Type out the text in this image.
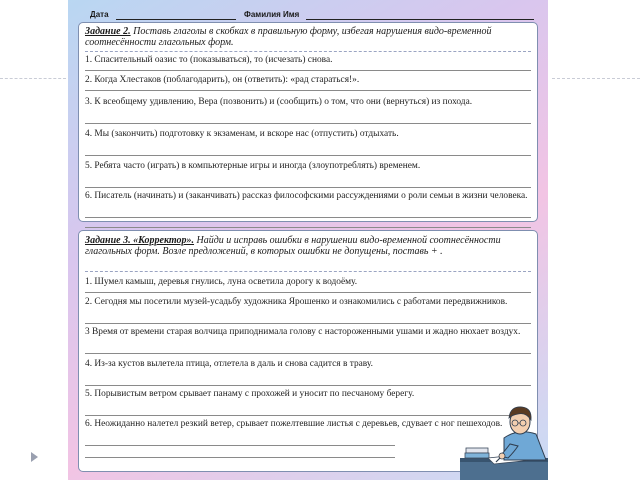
Дата	Фамилия Имя
Задание 2. Поставь глаголы в скобках в правильную форму, избегая нарушения видо-временной соотнесённости глагольных форм.
1. Спасительный оазис то (показываться), то (исчезать) снова.
2. Когда Хлестаков (поблагодарить), он (ответить): «рад стараться!».
3. К всеобщему удивлению, Вера (позвонить) и (сообщить) о том, что они (вернуться) из похода.
4. Мы (закончить) подготовку к экзаменам, и вскоре нас (отпустить) отдыхать.
5. Ребята часто (играть) в компьютерные игры и иногда (злоупотреблять) временем.
6. Писатель (начинать) и (заканчивать) рассказ философскими рассуждениями о роли семьи в жизни человека.
Задание 3. «Корректор». Найди и исправь ошибки в нарушении видо-временной соотнесённости глагольных форм. Возле предложений, в которых ошибки не допущены, поставь + .
1. Шумел камыш, деревья гнулись, луна осветила дорогу к водоёму.
2. Сегодня мы посетили музей-усадьбу художника Ярошенко и ознакомились с работами передвижников.
3 Время от времени старая волчица приподнимала голову с настороженными ушами и жадно нюхает воздух.
4. Из-за кустов вылетела птица, отлетела в даль и снова садится в траву.
5. Порывистым ветром срывает панаму с прохожей и уносит по песчаному берегу.
6. Неожиданно налетел резкий ветер, срывает пожелтевшие листья с деревьев, сдувает с ног пешеходов.
